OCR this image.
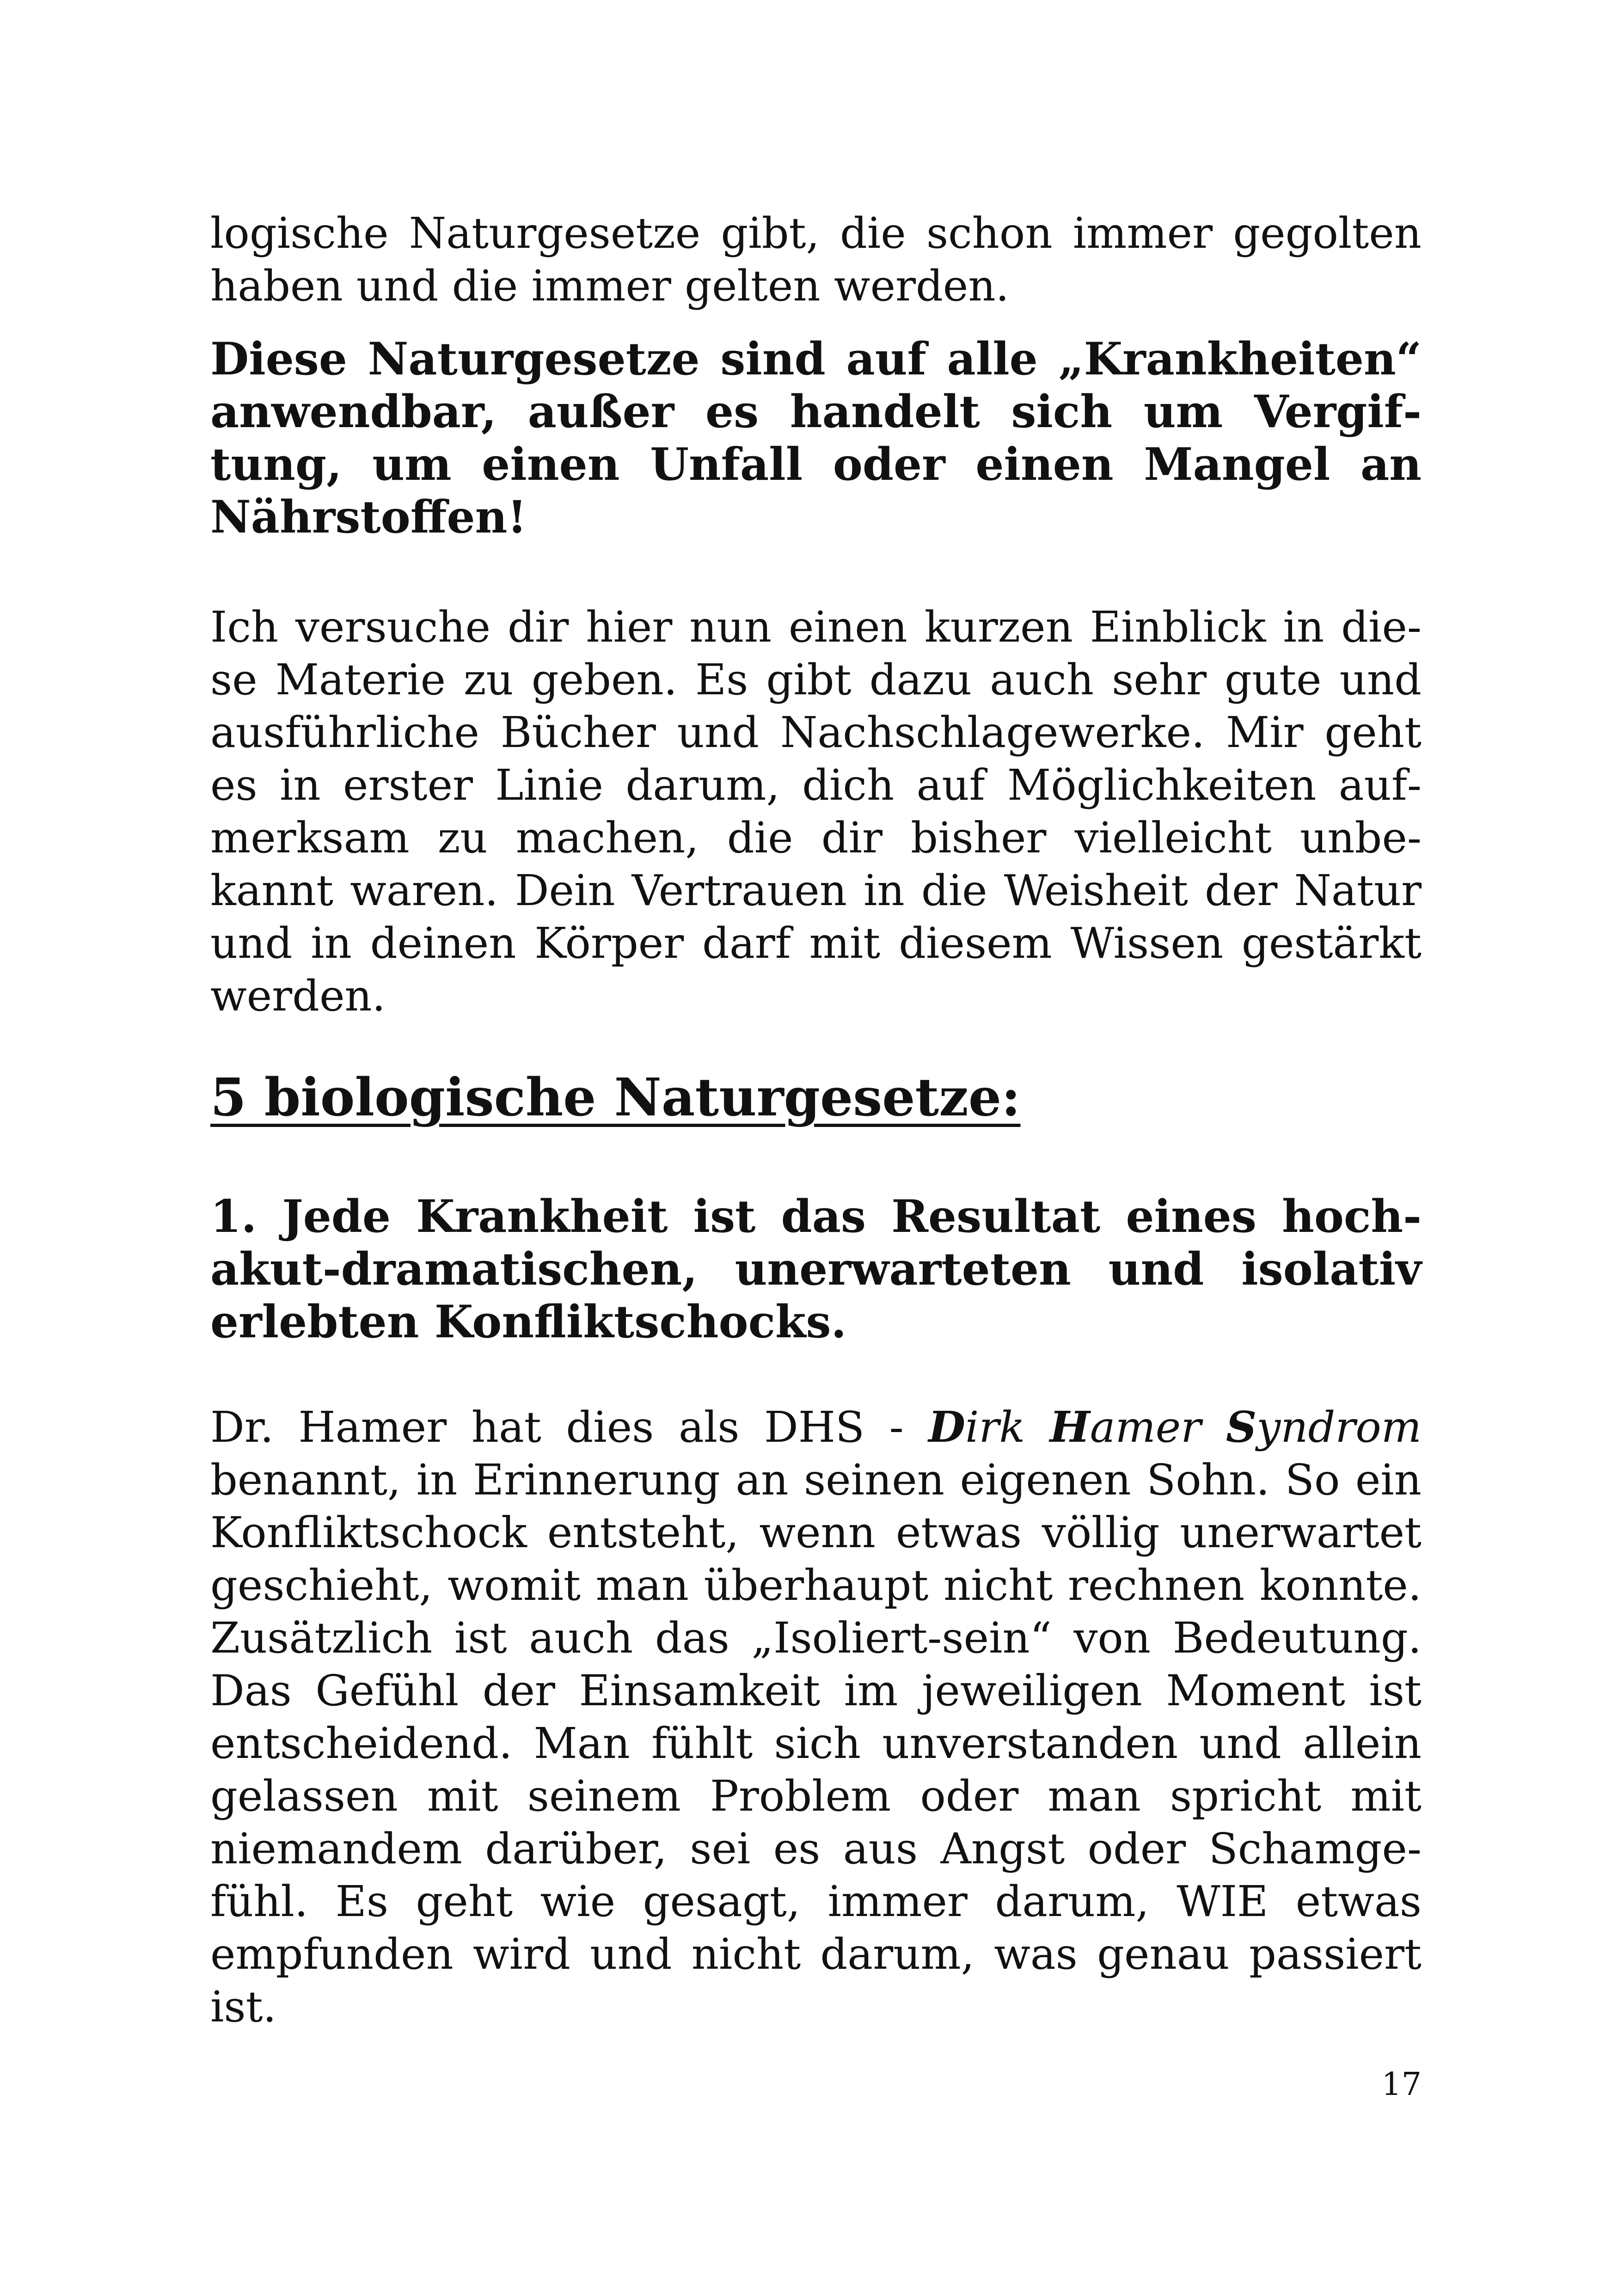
logische Naturgesetze gibt, die schon immer gegolten haben und die immer gelten werden.

Diese Naturgesetze sind auf alle „Krankheiten“ anwendbar, außer es handelt sich um Vergiftung, um einen Unfall oder einen Mangel an Nährstoffen!

Ich versuche dir hier nun einen kurzen Einblick in diese Materie zu geben. Es gibt dazu auch sehr gute und ausführliche Bücher und Nachschlagewerke. Mir geht es in erster Linie darum, dich auf Möglichkeiten aufmerksam zu machen, die dir bisher vielleicht unbekannt waren. Dein Vertrauen in die Weisheit der Natur und in deinen Körper darf mit diesem Wissen gestärkt werden.

5 biologische Naturgesetze:

1. Jede Krankheit ist das Resultat eines hochakut-dramatischen, unerwarteten und isolativ erlebten Konfliktschocks.

Dr. Hamer hat dies als DHS - Dirk Hamer Syndrom benannt, in Erinnerung an seinen eigenen Sohn. So ein Konfliktschock entsteht, wenn etwas völlig unerwartet geschieht, womit man überhaupt nicht rechnen konnte. Zusätzlich ist auch das „Isoliert-sein“ von Bedeutung. Das Gefühl der Einsamkeit im jeweiligen Moment ist entscheidend. Man fühlt sich unverstanden und allein gelassen mit seinem Problem oder man spricht mit niemandem darüber, sei es aus Angst oder Schamgefühl. Es geht wie gesagt, immer darum, WIE etwas empfunden wird und nicht darum, was genau passiert ist.

17
